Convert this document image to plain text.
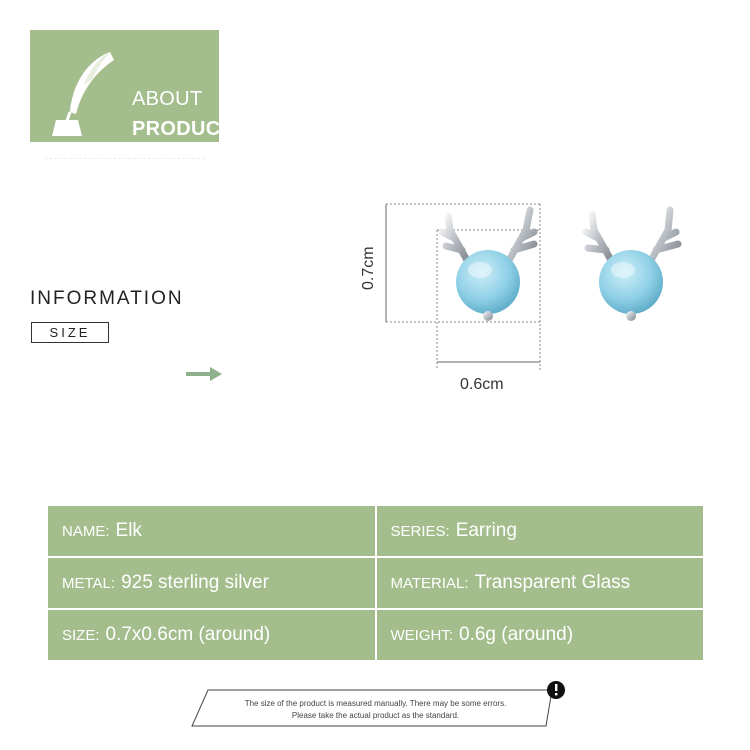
ABOUT
PRODUCT
INFORMATION
SIZE
0.7cm
0.6cm
NAME: Elk	SERIES: Earring
METAL: 925 sterling silver	MATERIAL: Transparent Glass
SIZE: 0.7x0.6cm (around)	WEIGHT: 0.6g (around)
The size of the product is measured manually. There may be some errors.
Please take the actual product as the standard.
